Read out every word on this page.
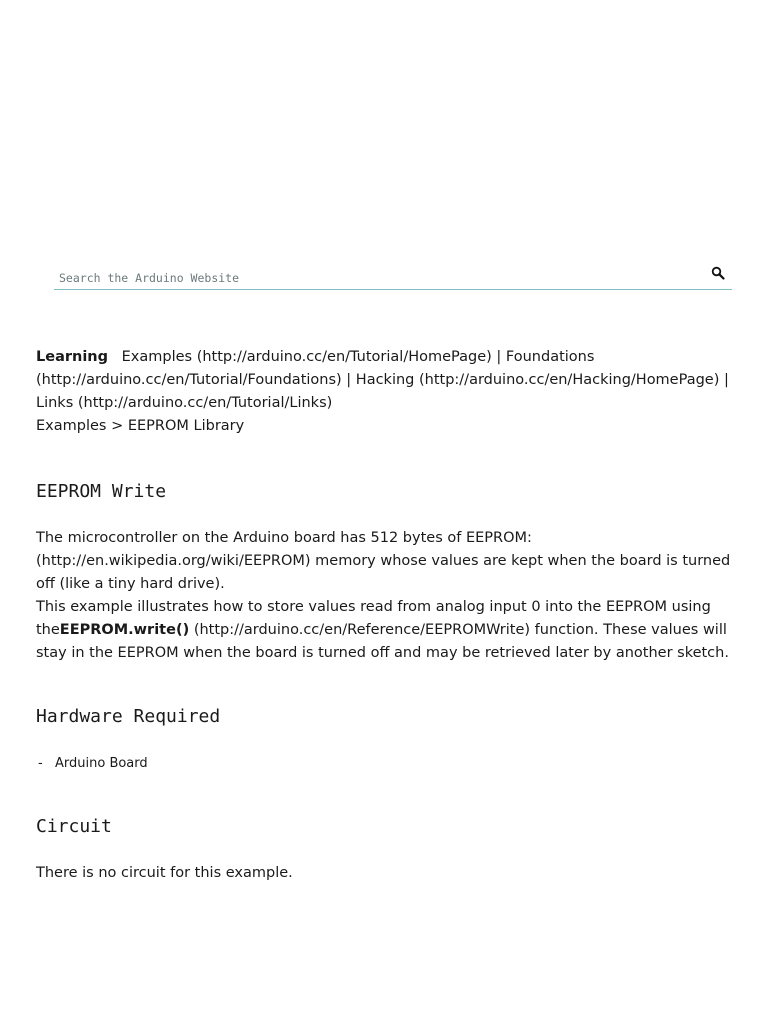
Search the Arduino Website

Learning Examples (http://arduino.cc/en/Tutorial/HomePage) | Foundations (http://arduino.cc/en/Tutorial/Foundations) | Hacking (http://arduino.cc/en/Hacking/HomePage) | Links (http://arduino.cc/en/Tutorial/Links)

Examples > EEPROM Library

EEPROM Write

The microcontroller on the Arduino board has 512 bytes of EEPROM: (http://en.wikipedia.org/wiki/EEPROM) memory whose values are kept when the board is turned off (like a tiny hard drive).

This example illustrates how to store values read from analog input 0 into the EEPROM using theEEPROM.write() (http://arduino.cc/en/Reference/EEPROMWrite) function. These values will stay in the EEPROM when the board is turned off and may be retrieved later by another sketch.

Hardware Required
- Arduino Board
Circuit

There is no circuit for this example.
